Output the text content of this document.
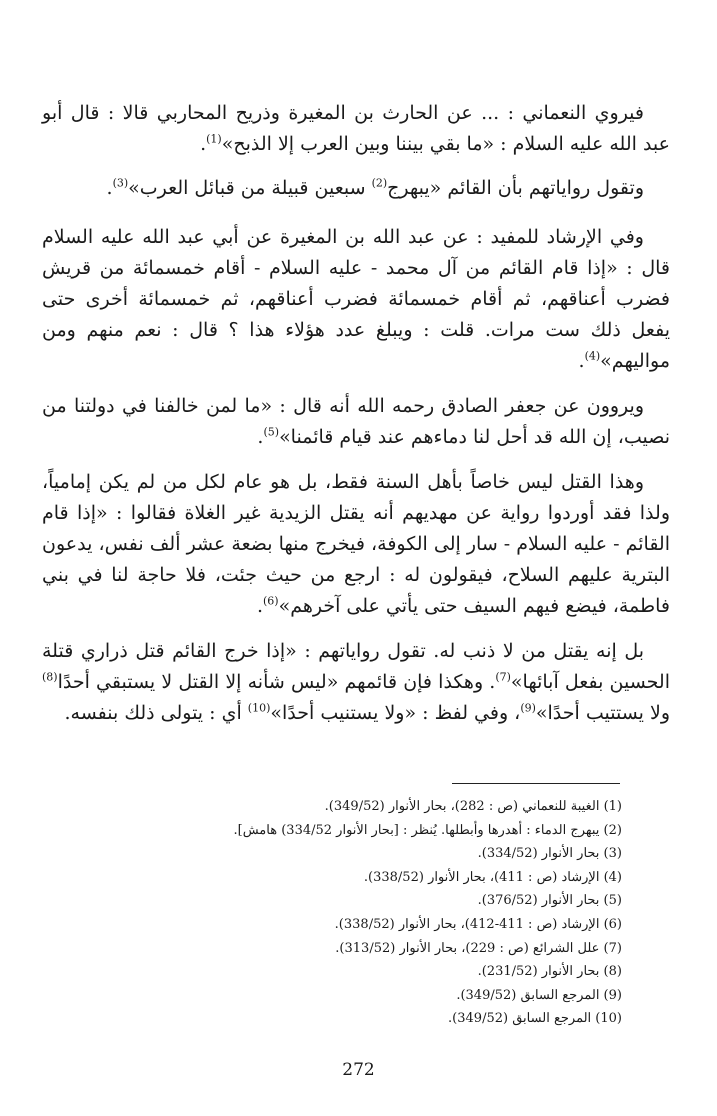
فيروي النعماني : ... عن الحارث بن المغيرة وذريح المحاربي قالا : قال أبو عبد الله عليه السلام : «ما بقي بيننا وبين العرب إلا الذبح»$^{(1)}$.

وتقول رواياتهم بأن القائم «يبهرج$^{(2)}$ سبعين قبيلة من قبائل العرب»$^{(3)}$.

وفي الإرشاد للمفيد : عن عبد الله بن المغيرة عن أبي عبد الله عليه السلام قال : «إذا قام القائم من آل محمد - عليه السلام - أقام خمسمائة من قريش فضرب أعناقهم، ثم أقام خمسمائة فضرب أعناقهم، ثم خمسمائة أخرى حتى يفعل ذلك ست مرات. قلت : ويبلغ عدد هؤلاء هذا ؟ قال : نعم منهم ومن مواليهم»$^{(4)}$.

ويروون عن جعفر الصادق رحمه الله أنه قال : «ما لمن خالفنا في دولتنا من نصيب، إن الله قد أحل لنا دماءهم عند قيام قائمنا»$^{(5)}$.

وهذا القتل ليس خاصاً بأهل السنة فقط، بل هو عام لكل من لم يكن إمامياً، ولذا فقد أوردوا رواية عن مهديهم أنه يقتل الزيدية غير الغلاة فقالوا : «إذا قام القائم - عليه السلام - سار إلى الكوفة، فيخرج منها بضعة عشر ألف نفس، يدعون البترية عليهم السلاح، فيقولون له : ارجع من حيث جئت، فلا حاجة لنا في بني فاطمة، فيضع فيهم السيف حتى يأتي على آخرهم»$^{(6)}$.

بل إنه يقتل من لا ذنب له. تقول رواياتهم : «إذا خرج القائم قتل ذراري قتلة الحسين بفعل آبائها»$^{(7)}$. وهكذا فإن قائمهم «ليس شأنه إلا القتل لا يستبقي أحدًا$^{(8)}$ ولا يستتيب أحدًا»$^{(9)}$، وفي لفظ : «ولا يستنيب أحدًا»$^{(10)}$ أي : يتولى ذلك بنفسه.

(1) الغيبة للنعماني (ص : 282)، بحار الأنوار (349/52).
(2) يبهرج الدماء : أهدرها وأبطلها. يُنظر : [بحار الأنوار 334/52) هامش].
(3) بحار الأنوار (334/52).
(4) الإرشاد (ص : 411)، بحار الأنوار (338/52).
(5) بحار الأنوار (376/52).
(6) الإرشاد (ص : 411-412)، بحار الأنوار (338/52).
(7) علل الشرائع (ص : 229)، بحار الأنوار (313/52).
(8) بحار الأنوار (231/52).
(9) المرجع السابق (349/52).
(10) المرجع السابق (349/52).
272
